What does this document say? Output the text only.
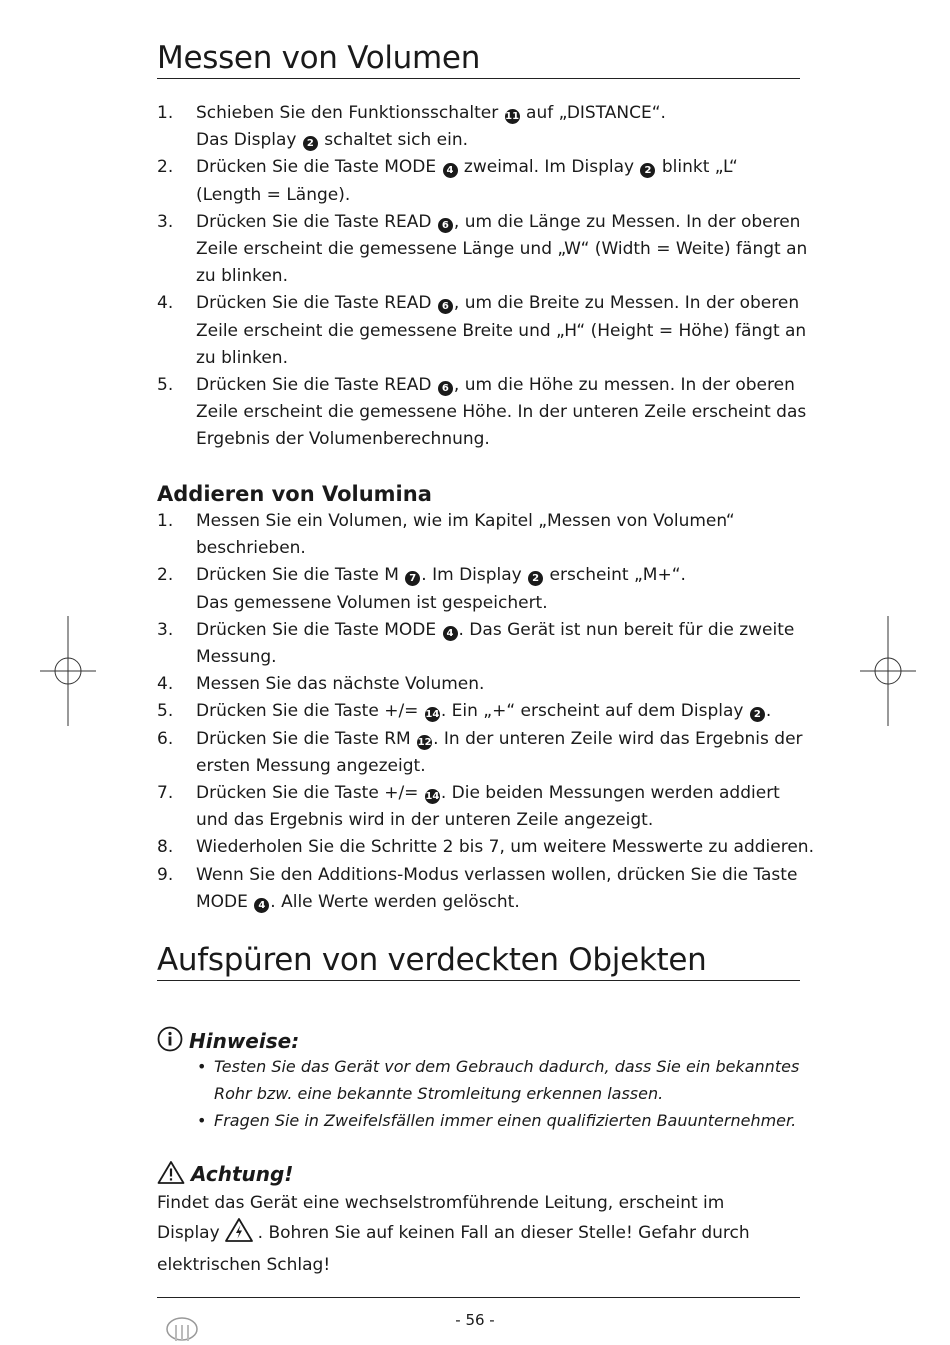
Messen von Volumen
1. Schieben Sie den Funktionsschalter 11 auf „DISTANCE“.
Das Display 2 schaltet sich ein.
2. Drücken Sie die Taste MODE 4 zweimal. Im Display 2 blinkt „L“
(Length = Länge).
3. Drücken Sie die Taste READ 6 , um die Länge zu Messen. In der oberen Zeile erscheint die gemessene Länge und „W“ (Width = Weite) fängt an zu blinken.
4. Drücken Sie die Taste READ 6 , um die Breite zu Messen. In der oberen Zeile erscheint die gemessene Breite und „H“ (Height = Höhe) fängt an zu blinken.
5. Drücken Sie die Taste READ 6 , um die Höhe zu messen. In der oberen Zeile erscheint die gemessene Höhe. In der unteren Zeile erscheint das Ergebnis der Volumenberechnung.
Addieren von Volumina
1. Messen Sie ein Volumen, wie im Kapitel „Messen von Volumen“ beschrieben.
2. Drücken Sie die Taste M 7 . Im Display 2 erscheint „M+“.
Das gemessene Volumen ist gespeichert.
3. Drücken Sie die Taste MODE 4 . Das Gerät ist nun bereit für die zweite Messung.
4. Messen Sie das nächste Volumen.
5. Drücken Sie die Taste +/= 14. Ein „+“ erscheint auf dem Display 2 .
6. Drücken Sie die Taste RM 12. In der unteren Zeile wird das Ergebnis der ersten Messung angezeigt.
7. Drücken Sie die Taste +/= 14. Die beiden Messungen werden addiert und das Ergebnis wird in der unteren Zeile angezeigt.
8. Wiederholen Sie die Schritte 2 bis 7, um weitere Messwerte zu addieren.
9. Wenn Sie den Additions-Modus verlassen wollen, drücken Sie die Taste MODE 4 . Alle Werte werden gelöscht.
Aufspüren von verdeckten Objekten
Hinweise:
• Testen Sie das Gerät vor dem Gebrauch dadurch, dass Sie ein bekanntes Rohr bzw. eine bekannte Stromleitung erkennen lassen.
• Fragen Sie in Zweifelsfällen immer einen qualifizierten Bauunternehmer.
Achtung!

Findet das Gerät eine wechselstromführende Leitung, erscheint im Display . Bohren Sie auf keinen Fall an dieser Stelle! Gefahr durch elektrischen Schlag!

- 56 -
